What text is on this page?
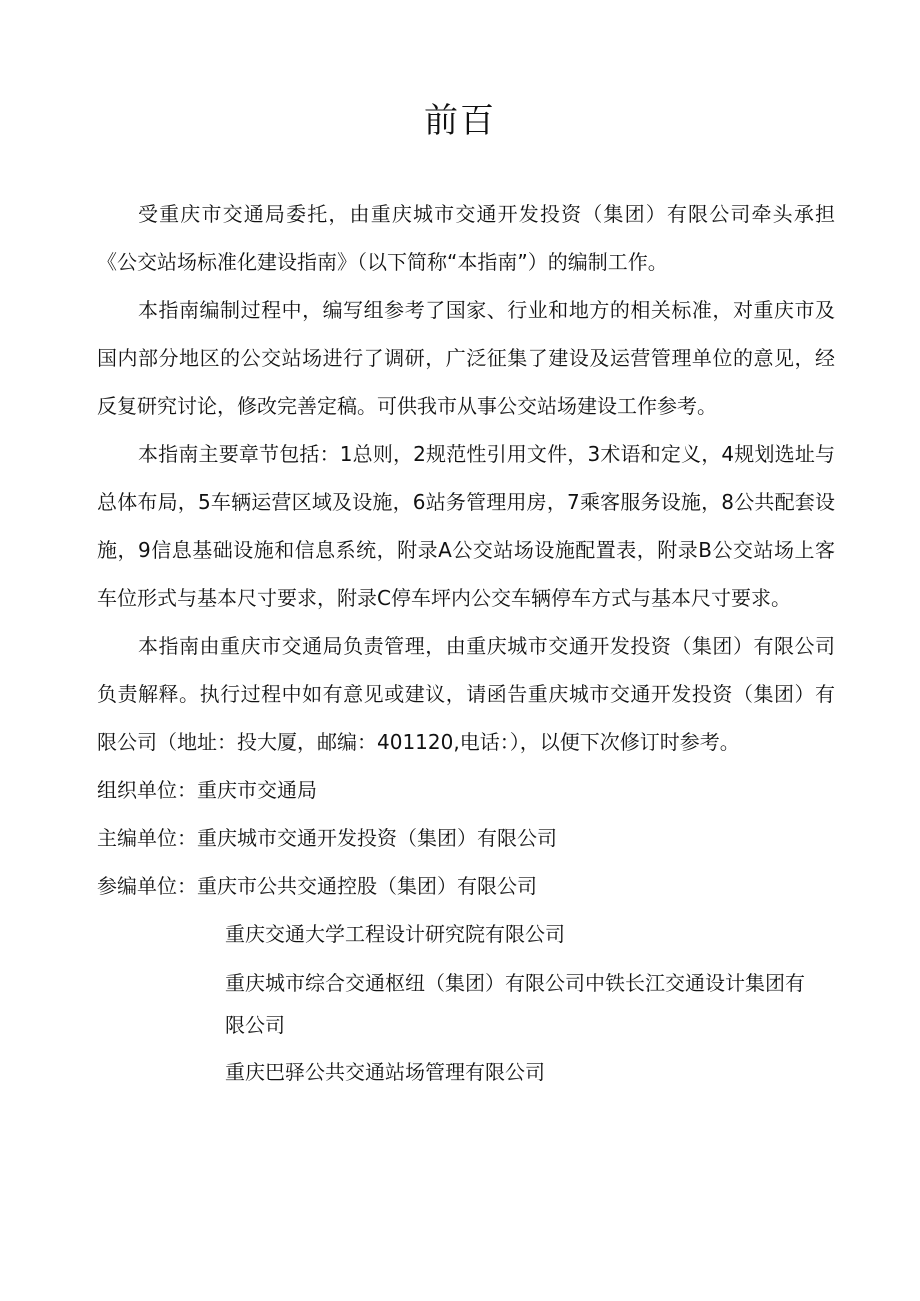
前百

受重庆市交通局委托，由重庆城市交通开发投资（集团）有限公司牵头承担《公交站场标准化建设指南》（以下简称“本指南”）的编制工作。

本指南编制过程中，编写组参考了国家、行业和地方的相关标准，对重庆市及国内部分地区的公交站场进行了调研，广泛征集了建设及运营管理单位的意见，经反复研究讨论，修改完善定稿。可供我市从事公交站场建设工作参考。

本指南主要章节包括：1总则，2规范性引用文件，3术语和定义，4规划选址与总体布局，5车辆运营区域及设施，6站务管理用房，7乘客服务设施，8公共配套设施，9信息基础设施和信息系统，附录A公交站场设施配置表，附录B公交站场上客车位形式与基本尺寸要求，附录C停车坪内公交车辆停车方式与基本尺寸要求。

本指南由重庆市交通局负责管理，由重庆城市交通开发投资（集团）有限公司负责解释。执行过程中如有意见或建议，请函告重庆城市交通开发投资（集团）有限公司（地址：投大厦，邮编：401120,电话：），以便下次修订时参考。

组织单位：重庆市交通局

主编单位：重庆城市交通开发投资（集团）有限公司

参编单位：重庆市公共交通控股（集团）有限公司

重庆交通大学工程设计研究院有限公司

重庆城市综合交通枢纽（集团）有限公司中铁长江交通设计集团有限公司

重庆巴驿公共交通站场管理有限公司
